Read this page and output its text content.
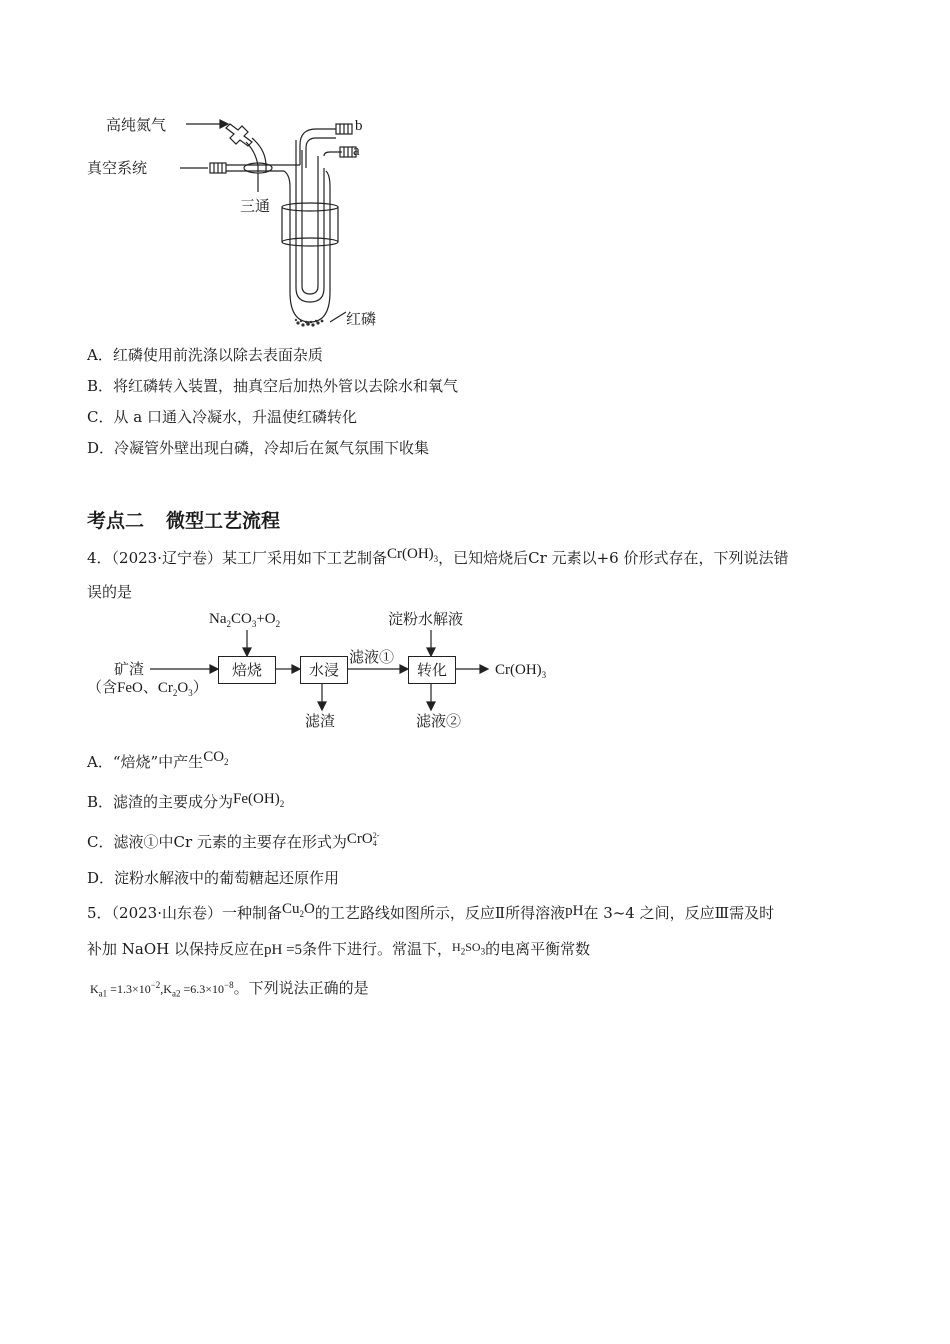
高纯氮气
真空系统
三通
b
a
红磷
A．红磷使用前洗涤以除去表面杂质
B．将红磷转入装置，抽真空后加热外管以去除水和氧气
C．从 a 口通入冷凝水，升温使红磷转化
D．冷凝管外壁出现白磷，冷却后在氮气氛围下收集
考点二 微型工艺流程
4．（2023·辽宁卷）某工厂采用如下工艺制备$Cr(OH)_3$，已知焙烧后Cr 元素以+6 价形式存在，下列说法错
误的是
$Na_2CO_3+O_2$
矿渣
（含FeO、$Cr_2O_3$）
焙烧	水浸
滤液①
淀粉水解液
转化	$Cr(OH)_3$
滤渣	滤液②
A．“焙烧”中产生$CO_2$
B．滤渣的主要成分为$Fe(OH)_2$
C．滤液①中Cr 元素的主要存在形式为CrO 2-
4
D．淀粉水解液中的葡萄糖起还原作用
5．（2023·山东卷）一种制备$Cu_2O$的工艺路线如图所示，反应Ⅱ所得溶液pH在 3~4 之间，反应Ⅲ需及时
补加 NaOH 以保持反应在pH =5条件下进行。常温下，$^{H_2SO_3}$的电离平衡常数
$K_{a1} =1.3\times 10^{-2},K_{a2} =6.3\times 10^{-8}$。下列说法正确的是
